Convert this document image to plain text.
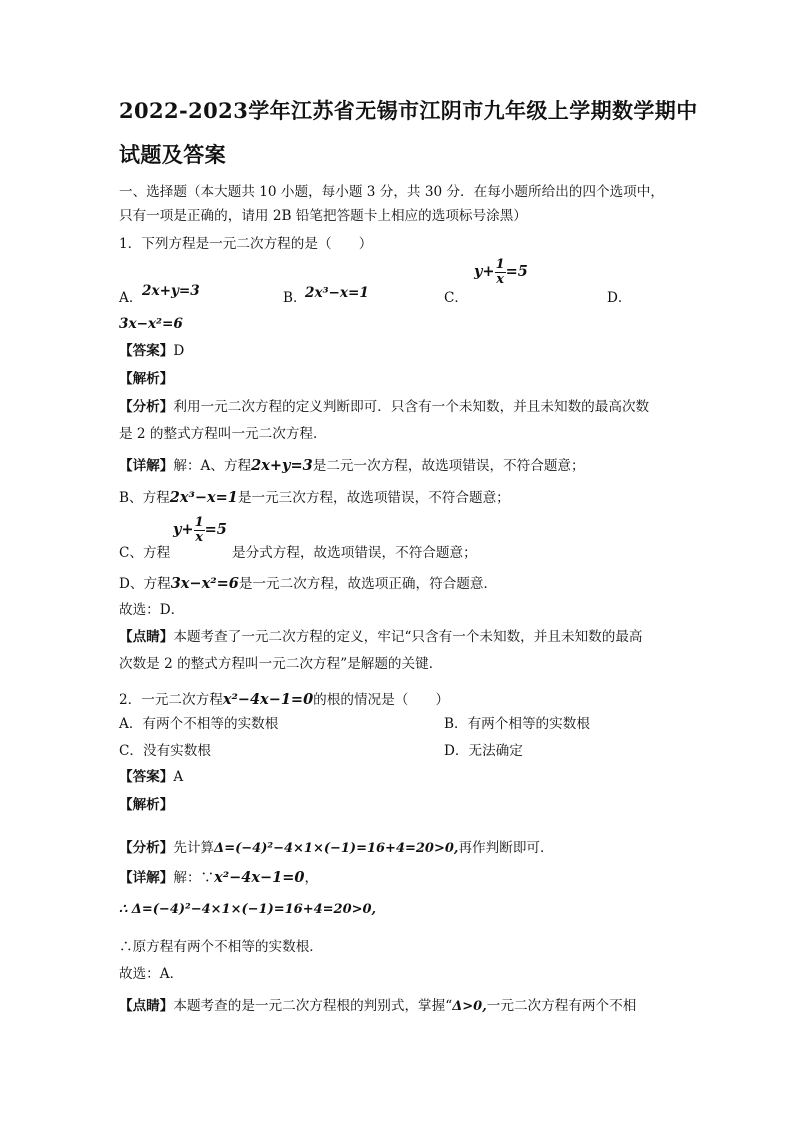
2022-2023学年江苏省无锡市江阴市九年级上学期数学期中
试题及答案
一、选择题（本大题共 10 小题，每小题 3 分，共 30 分．在每小题所给出的四个选项中，
只有一项是正确的，请用 2B 铅笔把答题卡上相应的选项标号涂黑）
1．下列方程是一元二次方程的是（　　）
A． 2x+y=3	B．
2x³−x=1	C．
$y+ \frac{1}{x} =5$
D．
3x−x²=6
【答案】D
【解析】
【分析】利用一元二次方程的定义判断即可．只含有一个未知数，并且未知数的最高次数
是 2 的整式方程叫一元二次方程．
【详解】解：A、方程2x+y=3是二元一次方程，故选项错误，不符合题意；
B、方程2x³−x=1是一元三次方程，故选项错误，不符合题意；
$y+ \frac{1}{x} =5$
C、方程	是分式方程，故选项错误，不符合题意；
D、方程3x−x²=6是一元二次方程，故选项正确，符合题意．
故选：D．
【点睛】本题考查了一元二次方程的定义，牢记“只含有一个未知数，并且未知数的最高
次数是 2 的整式方程叫一元二次方程”是解题的关键．
2．一元二次方程x²−4x−1=0的根的情况是（　　）
A．有两个不相等的实数根	B．有两个相等的实数根
C．没有实数根	D．无法确定
【答案】A
【解析】
【分析】先计算Δ=(−4)²−4×1×(−1)=16+4=20>0,再作判断即可．
【详解】解：∵x²−4x−1=0，
∴ Δ=(−4)²−4×1×(−1)=16+4=20>0,
∴原方程有两个不相等的实数根．
故选：A．
【点睛】本题考查的是一元二次方程根的判别式，掌握“Δ>0,一元二次方程有两个不相
